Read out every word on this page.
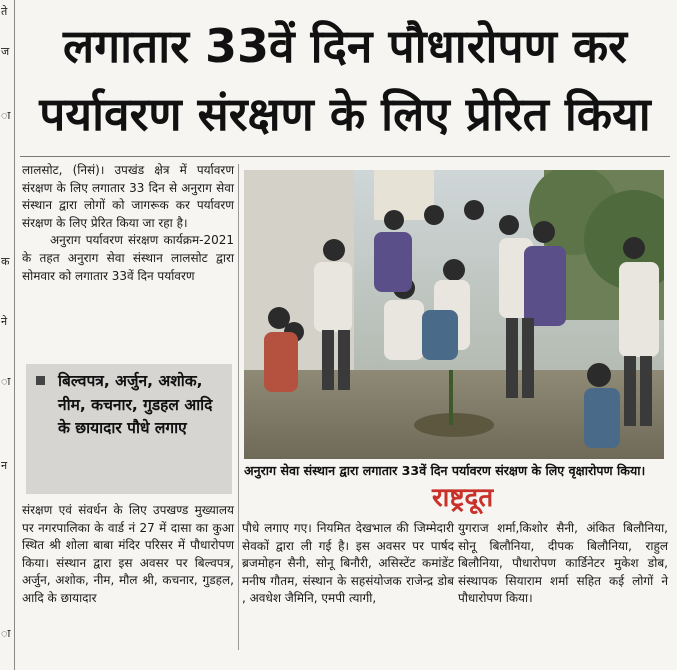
ते
ज
ा
क
ने
ा
न
ा
लगातार 33वें दिन पौधारोपण कर
पर्यावरण संरक्षण के लिए प्रेरित किया

लालसोट, (निसं)। उपखंड क्षेत्र में पर्यावरण संरक्षण के लिए लगातार 33 दिन से अनुराग सेवा संस्थान द्वारा लोगों को जागरूक कर पर्यावरण संरक्षण के लिए प्रेरित किया जा रहा है।

अनुराग पर्यावरण संरक्षण कार्यक्रम-2021 के तहत अनुराग सेवा संस्थान लालसोट द्वारा सोमवार को लगातार 33वें दिन पर्यावरण

बिल्वपत्र, अर्जुन, अशोक, नीम, कचनार, गुडहल आदि के छायादार पौधे लगाए

संरक्षण एवं संवर्धन के लिए उपखण्ड मुख्यालय पर नगरपालिका के वार्ड नं 27 में दासा का कुआ स्थित श्री शोला बाबा मंदिर परिसर में पौधारोपण किया। संस्थान द्वारा इस अवसर पर बिल्वपत्र, अर्जुन, अशोक, नीम, मौल श्री, कचनार, गुडहल, आदि के छायादार

अनुराग सेवा संस्थान द्वारा लगातार 33वें दिन पर्यावरण संरक्षण के लिए वृक्षारोपण किया।
राष्ट्रदूत

पौधे लगाए गए। नियमित देखभाल की जिम्मेदारी सेवकों द्वारा ली गई है। इस अवसर पर पार्षद ब्रजमोहन सैनी, सोनू बिनौरी, असिस्टेंट कमांडेंट मनीष गौतम, संस्थान के सहसंयोजक राजेन्द्र डोब , अवधेश जैमिनि, एमपी त्यागी,

युगराज शर्मा,किशोर सैनी, अंकित बिलौनिया, सोनू बिलौनिया, दीपक बिलौनिया, राहुल बिलौनिया, पौधारोपण कार्डिनेटर मुकेश डोब, संस्थापक सियाराम शर्मा सहित कई लोगों ने पौधारोपण किया।
